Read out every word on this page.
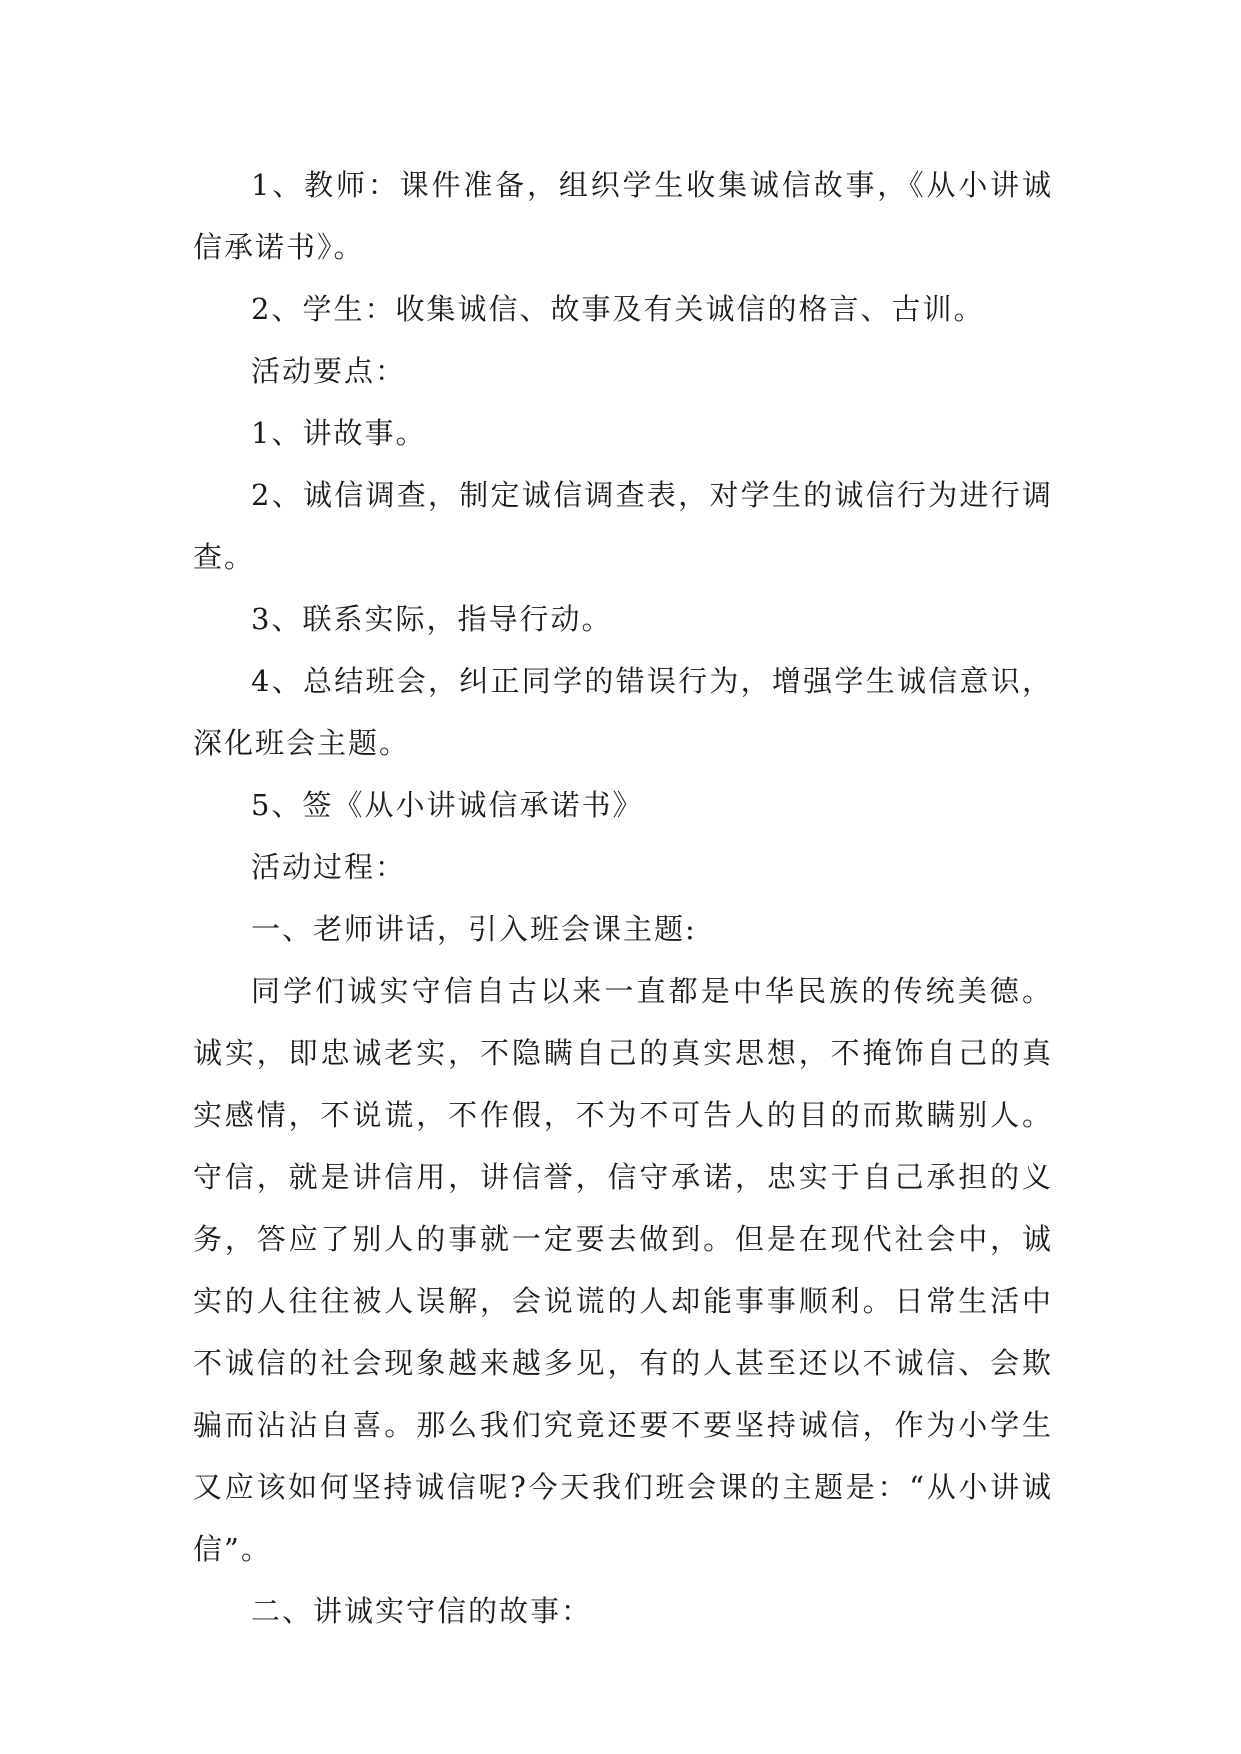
1、教师：课件准备，组织学生收集诚信故事，《从小讲诚信承诺书》。

2、学生：收集诚信、故事及有关诚信的格言、古训。

活动要点：

1、讲故事。

2、诚信调查，制定诚信调查表，对学生的诚信行为进行调查。

3、联系实际，指导行动。

4、总结班会，纠正同学的错误行为，增强学生诚信意识，深化班会主题。

5、签《从小讲诚信承诺书》

活动过程：

一、老师讲话，引入班会课主题:

同学们诚实守信自古以来一直都是中华民族的传统美德。诚实，即忠诚老实，不隐瞒自己的真实思想，不掩饰自己的真实感情，不说谎，不作假，不为不可告人的目的而欺瞒别人。守信，就是讲信用，讲信誉，信守承诺，忠实于自己承担的义务，答应了别人的事就一定要去做到。但是在现代社会中，诚实的人往往被人误解，会说谎的人却能事事顺利。日常生活中不诚信的社会现象越来越多见，有的人甚至还以不诚信、会欺骗而沾沾自喜。那么我们究竟还要不要坚持诚信，作为小学生又应该如何坚持诚信呢?今天我们班会课的主题是：“从小讲诚信”。

二、讲诚实守信的故事：
